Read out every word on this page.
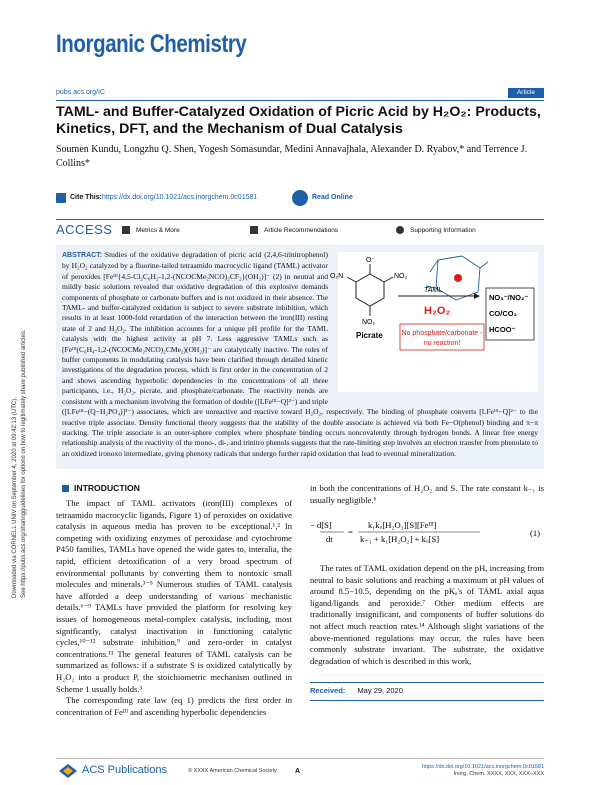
Inorganic Chemistry
pubs.acs.org/IC	Article
TAML- and Buffer-Catalyzed Oxidation of Picric Acid by H₂O₂: Products, Kinetics, DFT, and the Mechanism of Dual Catalysis
Soumen Kundu, Longzhu Q. Shen, Yogesh Somasundar, Medini Annavajhala, Alexander D. Ryabov,* and Terrence J. Collins*
Cite This: https://dx.doi.org/10.1021/acs.inorgchem.0c01581	Read Online
ACCESS	Metrics & More	Article Recommendations	Supporting Information
Downloaded via CORNELL UNIV on September 4, 2020 at 09:42:13 (UTC). See https://pubs.acs.org/sharingguidelines for options on how to legitimately share published articles.
ABSTRACT: Studies of the oxidative degradation of picric acid (2,4,6-trinitrophenol) by H₂O₂ catalyzed by a fluorine-tailed tetraamido macrocyclic ligand (TAML) activator of peroxides [Feᴵᴵᴵ{4,5-Cl₂C₆H₂-1,2-(NCOCMe₂NCO)₂CF₂}(OH₂)]⁻ (2) in neutral and mildly basic solutions revealed that oxidative degradation of this explosive demands components of phosphate or carbonate buffers and is not oxidized in their absence. The TAML- and buffer-catalyzed oxidation is subject to severe substrate inhibition, which results in at least 1000-fold retardation of the interaction between the iron(III) resting state of 2 and H₂O₂. The inhibition accounts for a unique pH profile for the TAML catalysis with the highest activity at pH 7. Less aggressive TAMLs such as [Feᴵᴵᴵ(C₆H₄-1,2-(NCOCMe₂NCO)₂CMe₂)(OH₂)]⁻ are catalytically inactive. The roles of buffer components in modulating catalysis have been clarified through detailed kinetic investigations of the degradation process, which is first order in the concentration of 2 and shows ascending hyperbolic dependencies in the concentrations of all three participants, i.e., H₂O₂, picrate, and phosphate/carbonate. The reactivity trends are consistent with a mechanism involving the formation of double ([LFeᴵᴵᴵ−Q]²⁻) and triple ([LFeᴵᴵᴵ−(Q−H₂PO₄)]³⁻) associates, which are unreactive and reactive toward H₂O₂, respectively. The binding of phosphate converts [LFeᴵᴵᴵ−Q]²⁻ to the reactive triple associate. Density functional theory suggests that the stability of the double associate is achieved via both Fe−O(phenol) binding and π−π stacking. The triple associate is an outer-sphere complex where phosphate binding occurs noncovalently through hydrogen bonds. A linear free energy relationship analysis of the reactivity of the mono-, di-, and trinitro phenols suggests that the rate-limiting step involves an electron transfer from phenolate to an oxidized ironoxo intermediate, giving phenoxy radicals that undergo further rapid oxidation that lead to eventual mineralization.
O⁻
NO₂
O₂N
NO₂
Picrate
TAML
H₂O₂
NO₃⁻/NO₂⁻
CO/CO₂
HCOO⁻
No phosphate/carbonate -
no reaction!
INTRODUCTION

The impact of TAML activators (iron(III) complexes of tetraamido macrocyclic ligands, Figure 1) of peroxides on oxidative catalysis in aqueous media has proven to be exceptional.¹,² In competing with oxidizing enzymes of peroxidase and cytochrome P450 families, TAMLs have opened the wide gates to, interalia, the rapid, efficient detoxification of a very broad spectrum of environmental pollutants by converting them to nontoxic small molecules and minerals.³⁻⁵ Numerous studies of TAML catalysis have afforded a deep understanding of various mechanistic details.⁶⁻⁹ TAMLs have provided the platform for resolving key issues of homogeneous metal-complex catalysis, including, most significantly, catalyst inactivation in functioning catalytic cycles,¹⁰⁻¹² substrate inhibition,⁹ and zero-order in catalyst concentrations.¹³ The general features of TAML catalysis can be summarized as follows: if a substrate S is oxidized catalytically by H₂O₂ into a product P, the stoichiometric mechanism outlined in Scheme 1 usually holds.³

The corresponding rate law (eq 1) predicts the first order in concentration of Feᴵᴵᴵ and ascending hyperbolic dependencies

in both the concentrations of H₂O₂ and S. The rate constant k₋₁ is usually negligible.⁶

− d[S]
dt
=
k₁kᵢᵢ[H₂O₂][S][Feᴵᴵᴵ]
k₋₁ + k₁[H₂O₂] + kᵢᵢ[S]
(1)

The rates of TAML oxidation depend on the pH, increasing from neutral to basic solutions and reaching a maximum at pH values of around 8.5−10.5, depending on the pKₐ's of TAML axial aqua ligand/ligands and peroxide.⁷ Other medium effects are traditionally insignificant, and components of buffer solutions do not affect much reaction rates.¹⁴ Although slight variations of the above-mentioned regulations may occur, the rules have been commonly substrate invariant. The substrate, the oxidative degradation of which is described in this work,

Received: May 29, 2020
ACS Publications	© XXXX American Chemical Society	A
https://dx.doi.org/10.1021/acs.inorgchem.0c01581
Inorg. Chem. XXXX, XXX, XXX−XXX
